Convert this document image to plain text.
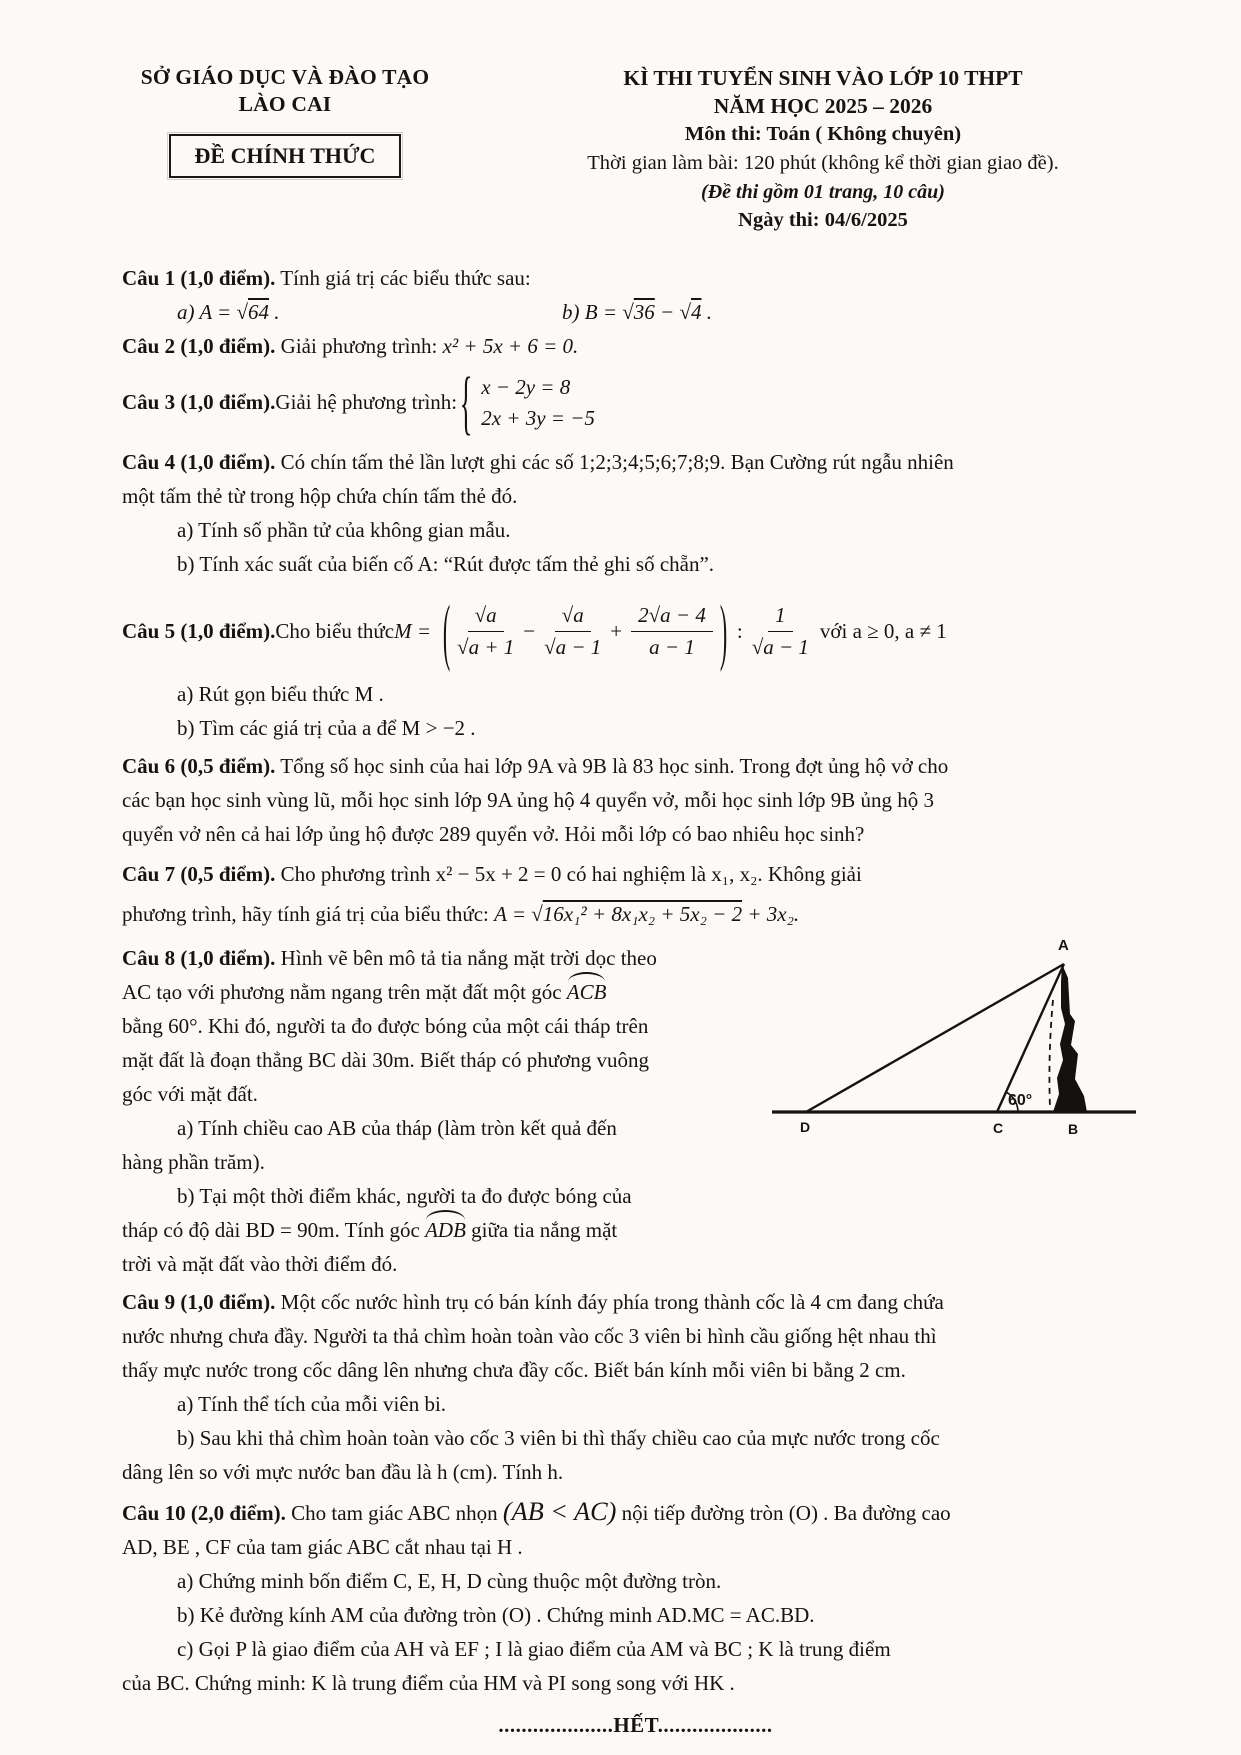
SỞ GIÁO DỤC VÀ ĐÀO TẠO
LÀO CAI
ĐỀ CHÍNH THỨC
KÌ THI TUYỂN SINH VÀO LỚP 10 THPT
NĂM HỌC 2025 – 2026
Môn thi: Toán ( Không chuyên)
Thời gian làm bài: 120 phút (không kể thời gian giao đề).
(Đề thi gồm 01 trang, 10 câu)
Ngày thi: 04/6/2025
Câu 1 (1,0 điểm). Tính giá trị các biểu thức sau:
a) A = √ 64 .	b) B = √ 36 − √ 4 .
Câu 2 (1,0 điểm). Giải phương trình: x² + 5x + 6 = 0.
Câu 3 (1,0 điểm). Giải hệ phương trình:
{
x − 2y = 8
2x + 3y = −5
Câu 4 (1,0 điểm). Có chín tấm thẻ lần lượt ghi các số 1;2;3;4;5;6;7;8;9. Bạn Cường rút ngẫu nhiên
một tấm thẻ từ trong hộp chứa chín tấm thẻ đó.
a) Tính số phần tử của không gian mẫu.
b) Tính xác suất của biến cố A: “Rút được tấm thẻ ghi số chẵn”.
Câu 5 (1,0 điểm). Cho biểu thức M = (	$\frac{√a}{√a + 1} - \frac{√a}{√a - 1} + \frac{2√a - 4}{a - 1}$ ) : $\frac{1}{√a - 1}$ với a ≥ 0, a ≠ 1
a) Rút gọn biểu thức M .
b) Tìm các giá trị của a để M > −2 .
Câu 6 (0,5 điểm). Tổng số học sinh của hai lớp 9A và 9B là 83 học sinh. Trong đợt ủng hộ vở cho
các bạn học sinh vùng lũ, mỗi học sinh lớp 9A ủng hộ 4 quyển vở, mỗi học sinh lớp 9B ủng hộ 3
quyển vở nên cả hai lớp ủng hộ được 289 quyển vở. Hỏi mỗi lớp có bao nhiêu học sinh?
Câu 7 (0,5 điểm). Cho phương trình x² − 5x + 2 = 0 có hai nghiệm là x₁, x₂. Không giải
phương trình, hãy tính giá trị của biểu thức: A = √ 16x₁² + 8x₁x₂ + 5x₂ − 2 + 3x₂.
Câu 8 (1,0 điểm). Hình vẽ bên mô tả tia nắng mặt trời dọc theo
AC tạo với phương nằm ngang trên mặt đất một góc ACB
bằng 60°. Khi đó, người ta đo được bóng của một cái tháp trên
mặt đất là đoạn thẳng BC dài 30m. Biết tháp có phương vuông
góc với mặt đất.
a) Tính chiều cao AB của tháp (làm tròn kết quả đến
hàng phần trăm).
b) Tại một thời điểm khác, người ta đo được bóng của
tháp có độ dài BD = 90m. Tính góc ADB giữa tia nắng mặt
trời và mặt đất vào thời điểm đó.
Câu 9 (1,0 điểm). Một cốc nước hình trụ có bán kính đáy phía trong thành cốc là 4 cm đang chứa
nước nhưng chưa đầy. Người ta thả chìm hoàn toàn vào cốc 3 viên bi hình cầu giống hệt nhau thì
thấy mực nước trong cốc dâng lên nhưng chưa đầy cốc. Biết bán kính mỗi viên bi bằng 2 cm.
a) Tính thể tích của mỗi viên bi.
b) Sau khi thả chìm hoàn toàn vào cốc 3 viên bi thì thấy chiều cao của mực nước trong cốc
dâng lên so với mực nước ban đầu là h (cm). Tính h.
Câu 10 (2,0 điểm). Cho tam giác ABC nhọn (AB < AC) nội tiếp đường tròn (O) . Ba đường cao
AD, BE , CF của tam giác ABC cắt nhau tại H .
a) Chứng minh bốn điểm C, E, H, D cùng thuộc một đường tròn.
b) Kẻ đường kính AM của đường tròn (O) . Chứng minh AD.MC = AC.BD.
c) Gọi P là giao điểm của AH và EF ; I là giao điểm của AM và BC ; K là trung điểm
của BC. Chứng minh: K là trung điểm của HM và PI song song với HK .
....................HẾT....................
A
D	C	B
60°
